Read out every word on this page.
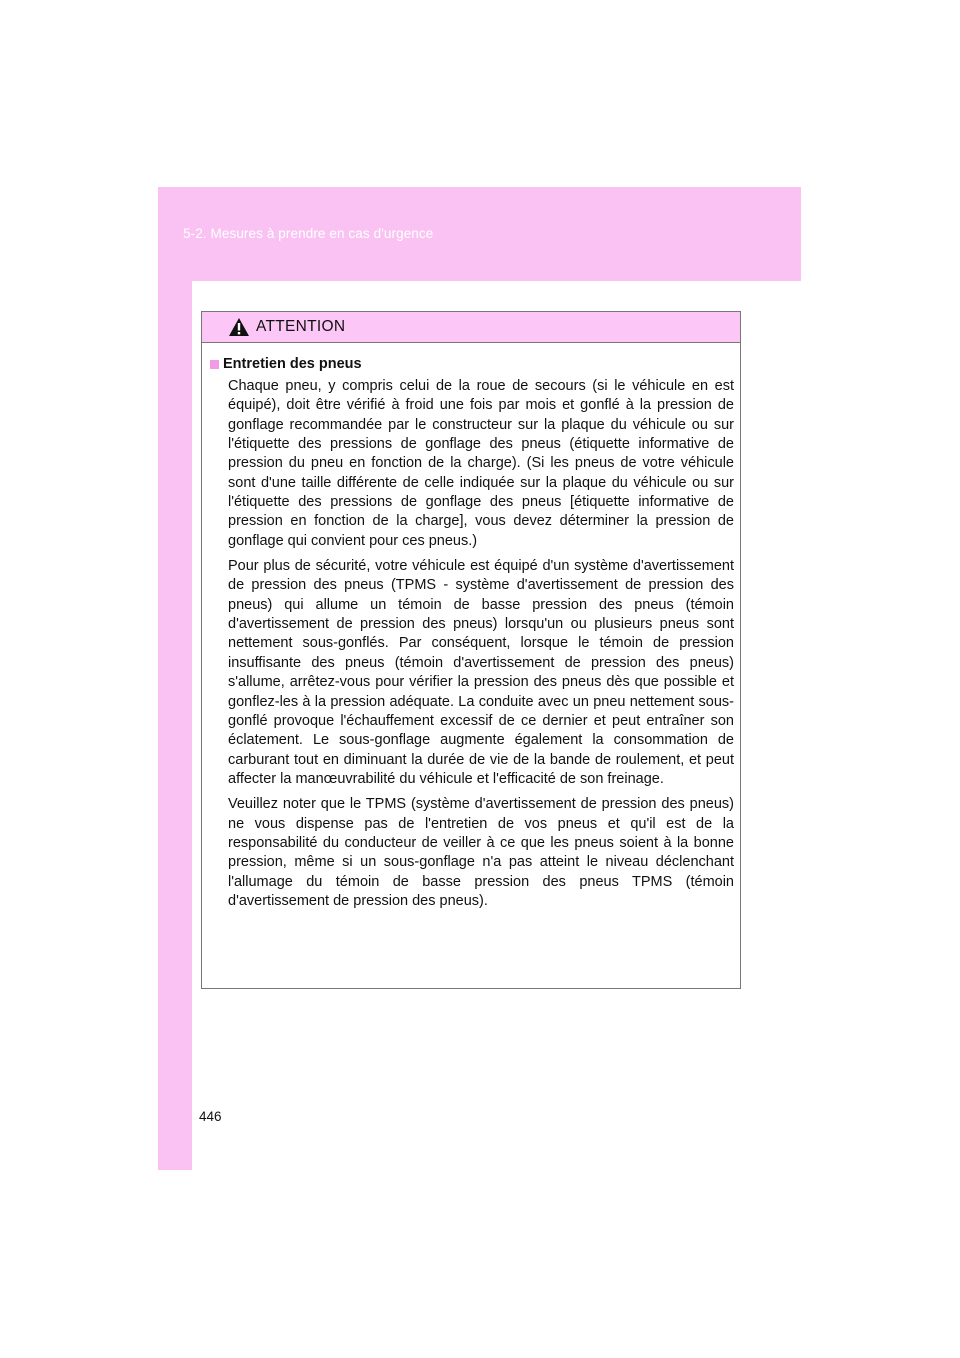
5-2. Mesures à prendre en cas d'urgence
ATTENTION
Entretien des pneus

Chaque pneu, y compris celui de la roue de secours (si le véhicule en est équipé), doit être vérifié à froid une fois par mois et gonflé à la pression de gonflage recommandée par le constructeur sur la plaque du véhicule ou sur l'étiquette des pressions de gonflage des pneus (étiquette informative de pression du pneu en fonction de la charge). (Si les pneus de votre véhicule sont d'une taille différente de celle indiquée sur la plaque du véhicule ou sur l'étiquette des pressions de gonflage des pneus [étiquette informative de pression en fonction de la charge], vous devez déterminer la pression de gonflage qui convient pour ces pneus.)

Pour plus de sécurité, votre véhicule est équipé d'un système d'avertissement de pression des pneus (TPMS - système d'avertissement de pression des pneus) qui allume un témoin de basse pression des pneus (témoin d'avertissement de pression des pneus) lorsqu'un ou plusieurs pneus sont nettement sous-gonflés. Par conséquent, lorsque le témoin de pression insuffisante des pneus (témoin d'avertissement de pression des pneus) s'allume, arrêtez-vous pour vérifier la pression des pneus dès que possible et gonflez-les à la pression adéquate. La conduite avec un pneu nettement sous-gonflé provoque l'échauffement excessif de ce dernier et peut entraîner son éclatement. Le sous-gonflage augmente également la consommation de carburant tout en diminuant la durée de vie de la bande de roulement, et peut affecter la manœuvrabilité du véhicule et l'efficacité de son freinage.

Veuillez noter que le TPMS (système d'avertissement de pression des pneus) ne vous dispense pas de l'entretien de vos pneus et qu'il est de la responsabilité du conducteur de veiller à ce que les pneus soient à la bonne pression, même si un sous-gonflage n'a pas atteint le niveau déclenchant l'allumage du témoin de basse pression des pneus TPMS (témoin d'avertissement de pression des pneus).

446
